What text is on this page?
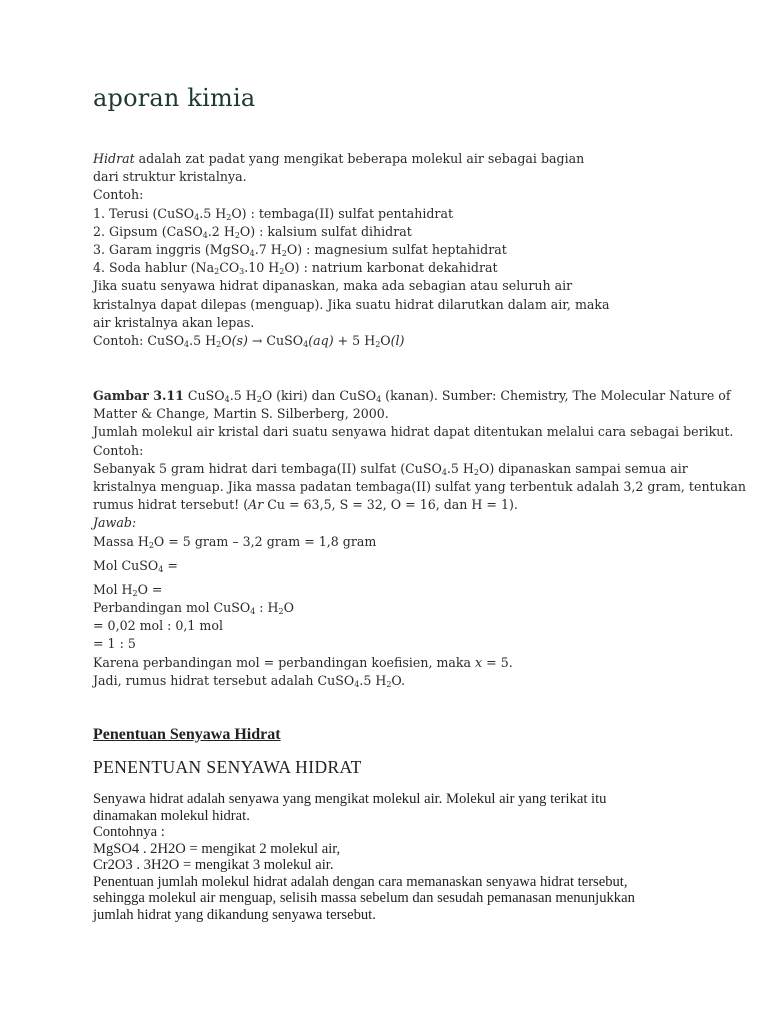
aporan kimia
Hidrat adalah zat padat yang mengikat beberapa molekul air sebagai bagian
dari struktur kristalnya.
Contoh:
1. Terusi (CuSO$_4$.5 $H_2O$) : tembaga(II) sulfat pentahidrat
2. Gipsum (CaSO$_4$.2 $H_2O$) : kalsium sulfat dihidrat
3. Garam inggris (MgSO$_4$.7 $H_2O$) : magnesium sulfat heptahidrat
4. Soda hablur ($Na_2CO_3.10$ $H_2O$) : natrium karbonat dekahidrat
Jika suatu senyawa hidrat dipanaskan, maka ada sebagian atau seluruh air
kristalnya dapat dilepas (menguap). Jika suatu hidrat dilarutkan dalam air, maka
air kristalnya akan lepas.
Contoh: CuSO$_4$.5 $H_2O(s)$ → CuSO$_4$(aq) + 5 $H_2O(l)$
Gambar 3.11 CuSO$_4$.5 $H_2O$ (kiri) dan CuSO$_4$ (kanan). Sumber: Chemistry, The Molecular Nature of
Matter & Change, Martin S. Silberberg, 2000.
Jumlah molekul air kristal dari suatu senyawa hidrat dapat ditentukan melalui cara sebagai berikut.
Contoh:
Sebanyak 5 gram hidrat dari tembaga(II) sulfat (CuSO$_4$.5 $H_2O$) dipanaskan sampai semua air
kristalnya menguap. Jika massa padatan tembaga(II) sulfat yang terbentuk adalah 3,2 gram, tentukan
rumus hidrat tersebut! (Ar Cu = 63,5, S = 32, O = 16, dan H = 1).
Jawab:
Massa $H_2O = 5$ gram – 3,2 gram = 1,8 gram
Mol CuSO$_4$ =
Mol $H_2O$ =
Perbandingan mol CuSO$_4$ : $H_2O$
= 0,02 mol : 0,1 mol
= 1 : 5
Karena perbandingan mol = perbandingan koefisien, maka x = 5.
Jadi, rumus hidrat tersebut adalah CuSO$_4$.5 $H_2O$.
Penentuan Senyawa Hidrat
PENENTUAN SENYAWA HIDRAT
Senyawa hidrat adalah senyawa yang mengikat molekul air. Molekul air yang terikat itu
dinamakan molekul hidrat.
Contohnya :
MgSO4 . 2H2O = mengikat 2 molekul air,
Cr2O3 . 3H2O = mengikat 3 molekul air.
Penentuan jumlah molekul hidrat adalah dengan cara memanaskan senyawa hidrat tersebut,
sehingga molekul air menguap, selisih massa sebelum dan sesudah pemanasan menunjukkan
jumlah hidrat yang dikandung senyawa tersebut.
